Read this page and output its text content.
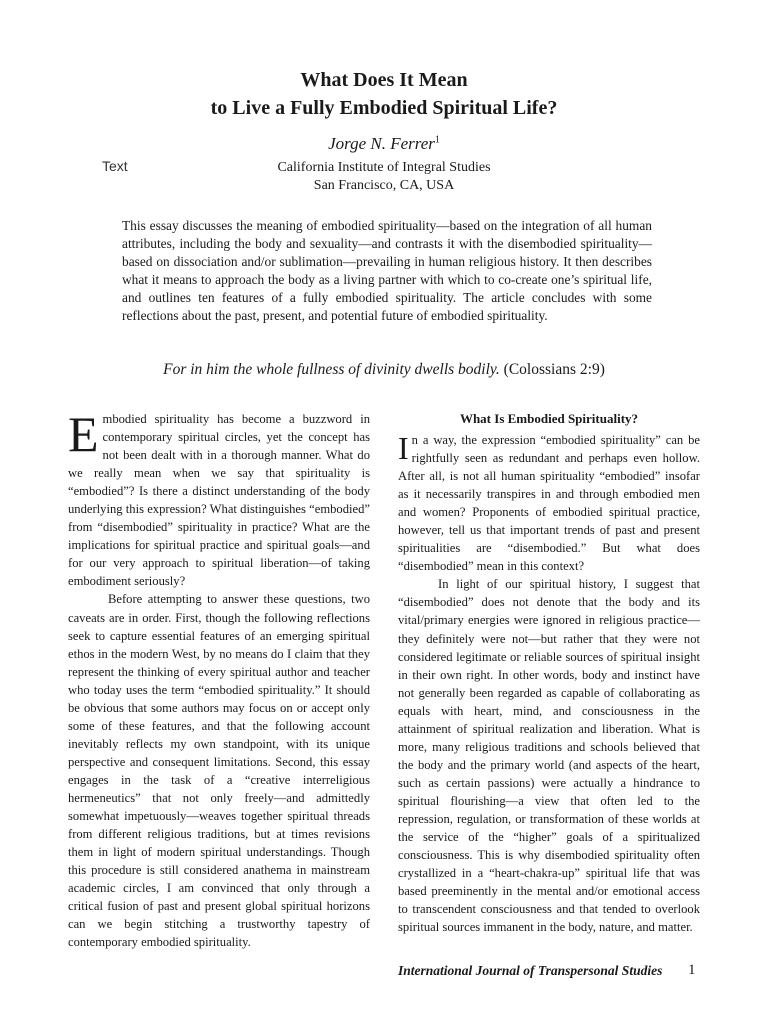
What Does It Mean
to Live a Fully Embodied Spiritual Life?
Jorge N. Ferrer$^1$
Text	California Institute of Integral Studies
San Francisco, CA, USA

This essay discusses the meaning of embodied spirituality—based on the integration of all human attributes, including the body and sexuality—and contrasts it with the disembodied spirituality—based on dissociation and/or sublimation—prevailing in human religious history. It then describes what it means to approach the body as a living partner with which to co-create one’s spiritual life, and outlines ten features of a fully embodied spirituality. The article concludes with some reflections about the past, present, and potential future of embodied spirituality.

For in him the whole fullness of divinity dwells bodily. (Colossians 2:9)

Embodied spirituality has become a buzzword in contemporary spiritual circles, yet the concept has not been dealt with in a thorough manner. What do we really mean when we say that spirituality is “embodied”? Is there a distinct understanding of the body underlying this expression? What distinguishes “embodied” from “disembodied” spirituality in practice? What are the implications for spiritual practice and spiritual goals—and for our very approach to spiritual liberation—of taking embodiment seriously?

Before attempting to answer these questions, two caveats are in order. First, though the following reflections seek to capture essential features of an emerging spiritual ethos in the modern West, by no means do I claim that they represent the thinking of every spiritual author and teacher who today uses the term “embodied spirituality.” It should be obvious that some authors may focus on or accept only some of these features, and that the following account inevitably reflects my own standpoint, with its unique perspective and consequent limitations. Second, this essay engages in the task of a “creative interreligious hermeneutics” that not only freely—and admittedly somewhat impetuously—weaves together spiritual threads from different religious traditions, but at times revisions them in light of modern spiritual understandings. Though this procedure is still considered anathema in mainstream academic circles, I am convinced that only through a critical fusion of past and present global spiritual horizons can we begin stitching a trustworthy tapestry of contemporary embodied spirituality.

What Is Embodied Spirituality?

In a way, the expression “embodied spirituality” can be rightfully seen as redundant and perhaps even hollow. After all, is not all human spirituality “embodied” insofar as it necessarily transpires in and through embodied men and women? Proponents of embodied spiritual practice, however, tell us that important trends of past and present spiritualities are “disembodied.” But what does “disembodied” mean in this context?

In light of our spiritual history, I suggest that “disembodied” does not denote that the body and its vital/primary energies were ignored in religious practice—they definitely were not—but rather that they were not considered legitimate or reliable sources of spiritual insight in their own right. In other words, body and instinct have not generally been regarded as capable of collaborating as equals with heart, mind, and consciousness in the attainment of spiritual realization and liberation. What is more, many religious traditions and schools believed that the body and the primary world (and aspects of the heart, such as certain passions) were actually a hindrance to spiritual flourishing—a view that often led to the repression, regulation, or transformation of these worlds at the service of the “higher” goals of a spiritualized consciousness. This is why disembodied spirituality often crystallized in a “heart-chakra-up” spiritual life that was based preeminently in the mental and/or emotional access to transcendent consciousness and that tended to overlook spiritual sources immanent in the body, nature, and matter.

International Journal of Transpersonal Studies 1
